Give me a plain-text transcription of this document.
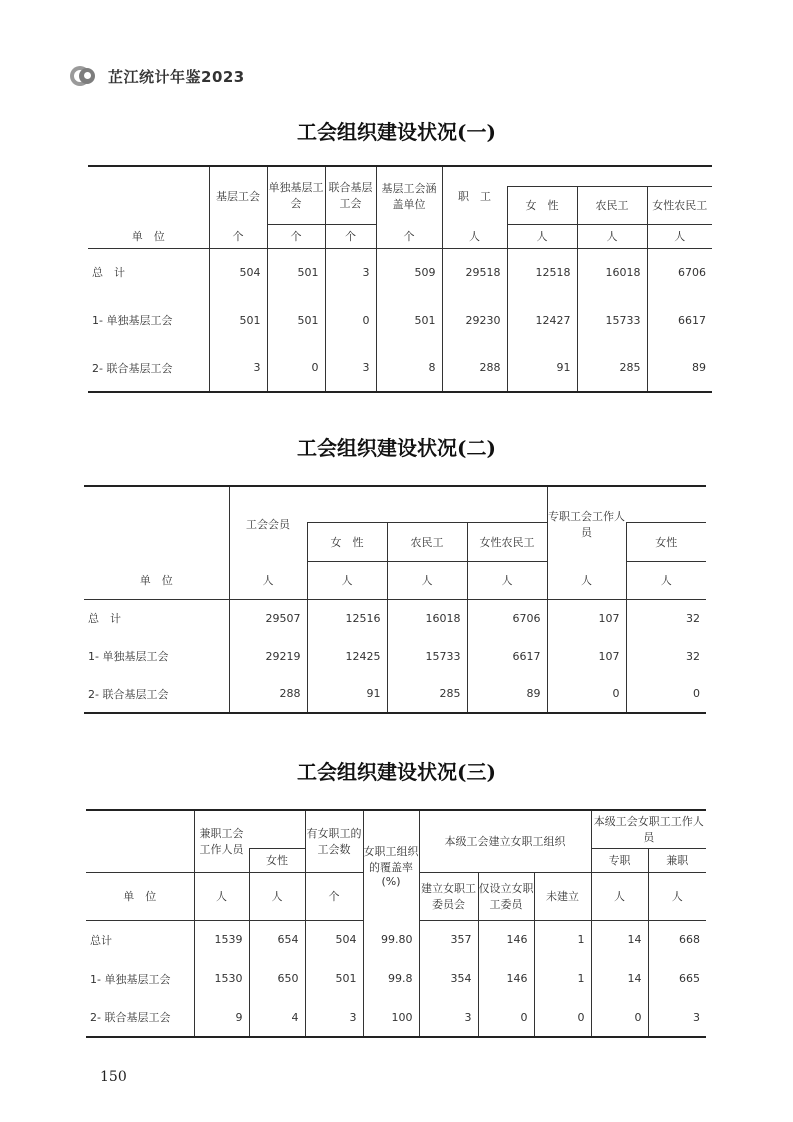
芷江统计年鉴2023
工会组织建设状况(一)
	基层工会	单独基层工会	联合基层工会	基层工会涵盖单位	职　工			
						女　性	农民工	女性农民工
单　位	个	个	个	个	人	人	人	人
总　计	504	501	3	509	29518	12518	16018	6706
1- 单独基层工会	501	501	0	501	29230	12427	15733	6617
2- 联合基层工会	3	0	3	8	288	91	285	89
工会组织建设状况(二)
	工会会员				专职工会工作人员	
		女　性	农民工	女性农民工		女性
单　位	人	人	人	人	人	人
总　计	29507	12516	16018	6706	107	32
1- 单独基层工会	29219	12425	15733	6617	107	32
2- 联合基层工会	288	91	285	89	0	0
工会组织建设状况(三)
	兼职工会工作人员		有女职工的工会数	女职工组织的覆盖率(%)	本级工会建立女职工组织			本级工会女职工工作人员	
		女性						专职	兼职
单　位	人	人	个		建立女职工委员会	仅设立女职工委员	未建立	人	人
总计	1539	654	504	99.80	357	146	1	14	668
1- 单独基层工会	1530	650	501	99.8	354	146	1	14	665
2- 联合基层工会	9	4	3	100	3	0	0	0	3
150
